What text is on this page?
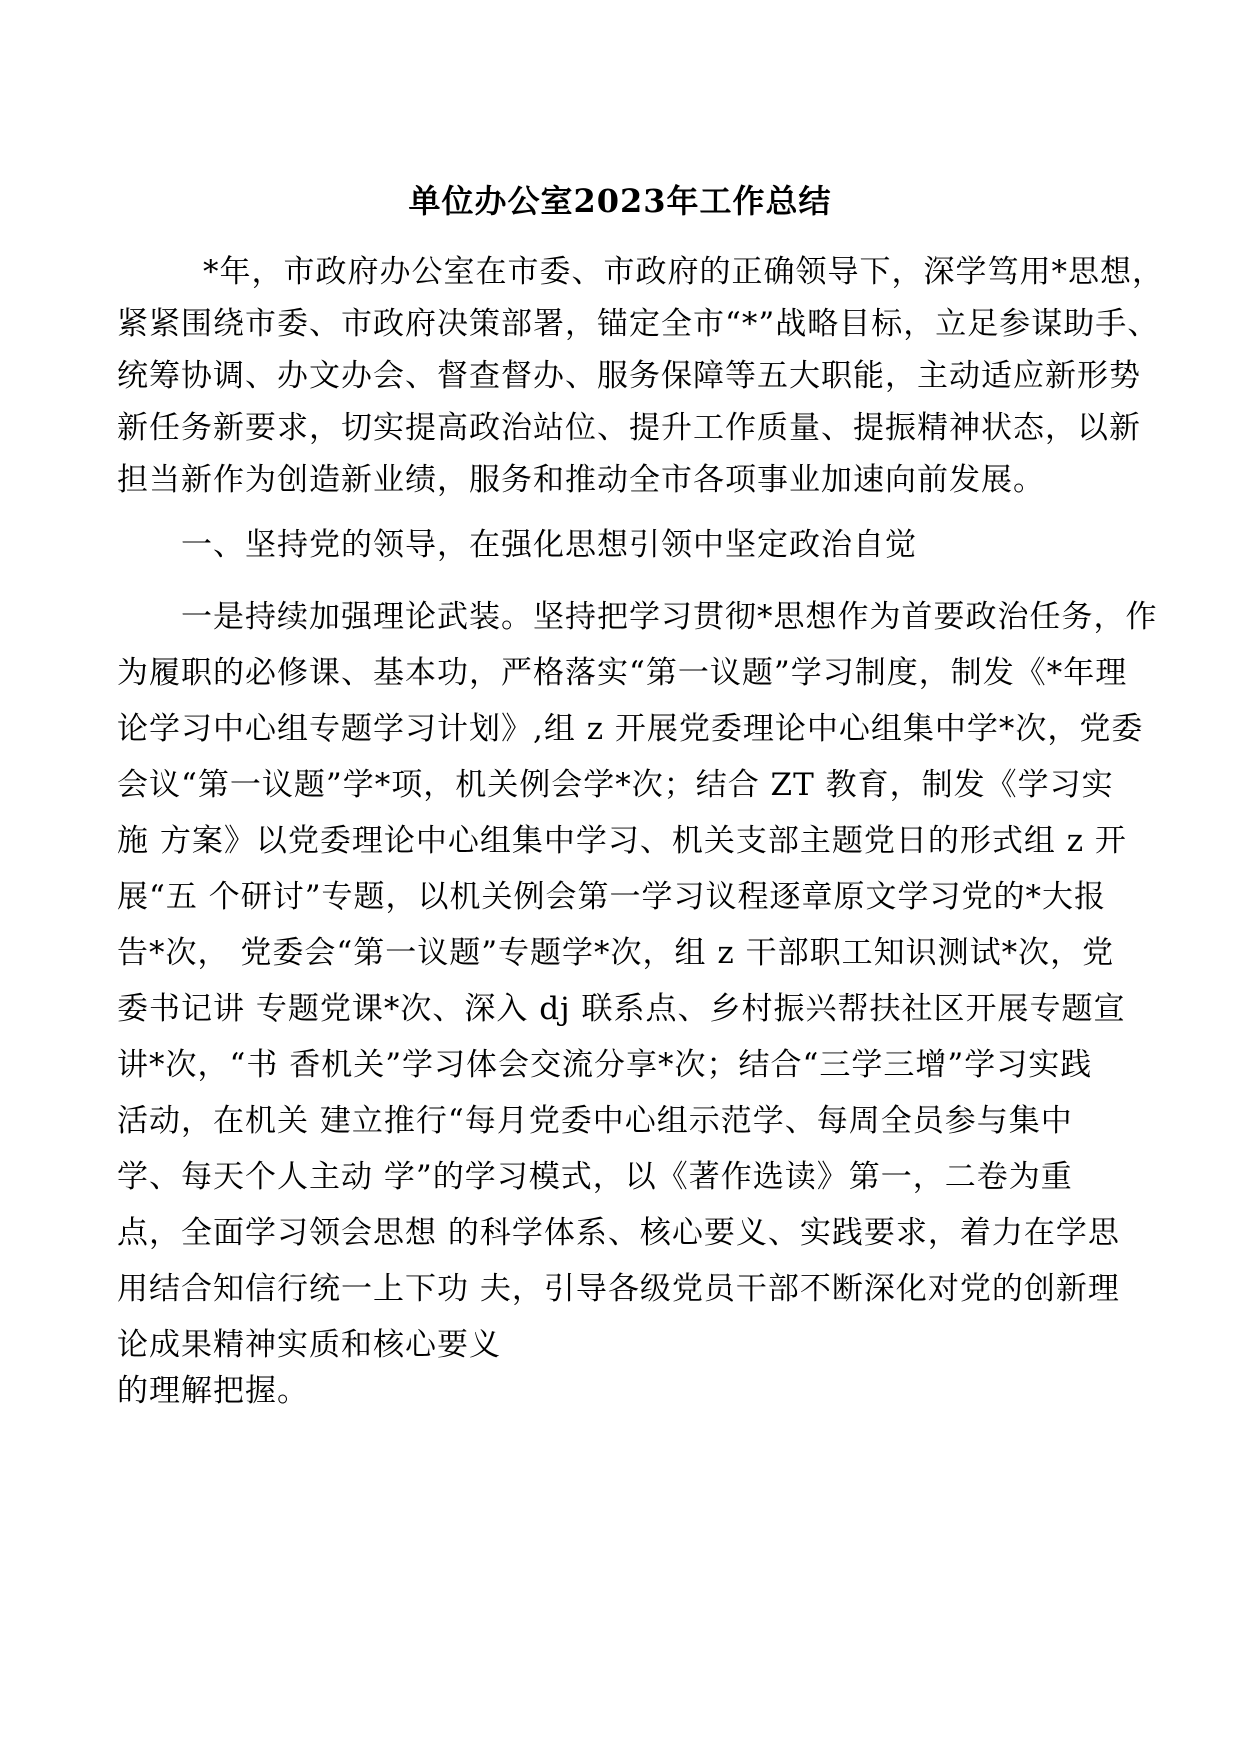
单位办公室2023年工作总结
*年，市政府办公室在市委、市政府的正确领导下，深学笃用*思想，
紧紧围绕市委、市政府决策部署，锚定全市“*”战略目标，立足参谋助手、
统筹协调、办文办会、督查督办、服务保障等五大职能，主动适应新形势
新任务新要求，切实提高政治站位、提升工作质量、提振精神状态，以新
担当新作为创造新业绩，服务和推动全市各项事业加速向前发展。
一、坚持党的领导，在强化思想引领中坚定政治自觉
一是持续加强理论武装。坚持把学习贯彻*思想作为首要政治任务，作
为履职的必修课、基本功，严格落实“第一议题”学习制度，制发《*年理
论学习中心组专题学习计划》,组 z 开展党委理论中心组集中学*次，党委
会议“第一议题”学*项，机关例会学*次；结合 ZT 教育，制发《学习实
施 方案》以党委理论中心组集中学习、机关支部主题党日的形式组 z 开
展“五 个研讨”专题，以机关例会第一学习议程逐章原文学习党的*大报
告*次， 党委会“第一议题”专题学*次，组 z 干部职工知识测试*次，党
委书记讲 专题党课*次、深入 dj 联系点、乡村振兴帮扶社区开展专题宣
讲*次，“书 香机关”学习体会交流分享*次；结合“三学三增”学习实践
活动，在机关 建立推行“每月党委中心组示范学、每周全员参与集中
学、每天个人主动 学”的学习模式，以《著作选读》第一，二卷为重
点，全面学习领会思想 的科学体系、核心要义、实践要求，着力在学思
用结合知信行统一上下功 夫，引导各级党员干部不断深化对党的创新理
论成果精神实质和核心要义
的理解把握。
